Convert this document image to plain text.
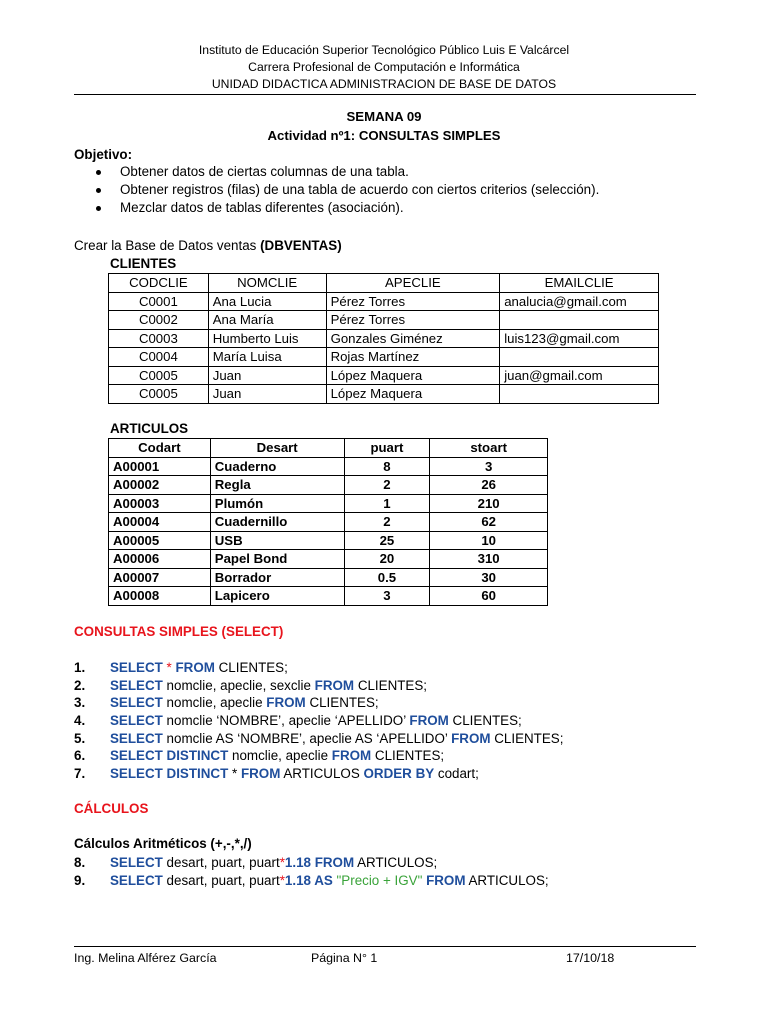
Instituto de Educación Superior Tecnológico Público Luis E Valcárcel
Carrera Profesional de Computación e Informática
UNIDAD DIDACTICA ADMINISTRACION DE BASE DE DATOS
SEMANA 09
Actividad nº1: CONSULTAS SIMPLES
Objetivo:
Obtener datos de ciertas columnas de una tabla.
Obtener registros (filas) de una tabla de acuerdo con ciertos criterios (selección).
Mezclar datos de tablas diferentes (asociación).
Crear la Base de Datos ventas (DBVENTAS)
CLIENTES
CODCLIE	NOMCLIE	APECLIE	EMAILCLIE
C0001	Ana Lucia	Pérez Torres	analucia@gmail.com
C0002	Ana María	Pérez Torres	
C0003	Humberto Luis	Gonzales Giménez	luis123@gmail.com
C0004	María Luisa	Rojas Martínez	
C0005	Juan	López Maquera	juan@gmail.com
C0005	Juan	López Maquera	
ARTICULOS
Codart	Desart	puart	stoart
A00001	Cuaderno	8	3
A00002	Regla	2	26
A00003	Plumón	1	210
A00004	Cuadernillo	2	62
A00005	USB	25	10
A00006	Papel Bond	20	310
A00007	Borrador	0.5	30
A00008	Lapicero	3	60
CONSULTAS SIMPLES (SELECT)
1. SELECT * FROM CLIENTES;
2. SELECT nomclie, apeclie, sexclie FROM CLIENTES;
3. SELECT nomclie, apeclie FROM CLIENTES;
4. SELECT nomclie ‘NOMBRE’, apeclie ‘APELLIDO’ FROM CLIENTES;
5. SELECT nomclie AS ‘NOMBRE’, apeclie AS ‘APELLIDO’ FROM CLIENTES;
6. SELECT DISTINCT nomclie, apeclie FROM CLIENTES;
7. SELECT DISTINCT * FROM ARTICULOS ORDER BY codart;
CÁLCULOS
Cálculos Aritméticos (+,-,*,/)
8. SELECT desart, puart, puart*1.18 FROM ARTICULOS;
9. SELECT desart, puart, puart*1.18 AS "Precio + IGV" FROM ARTICULOS;
Ing. Melina Alférez García	Página N° 1	17/10/18
